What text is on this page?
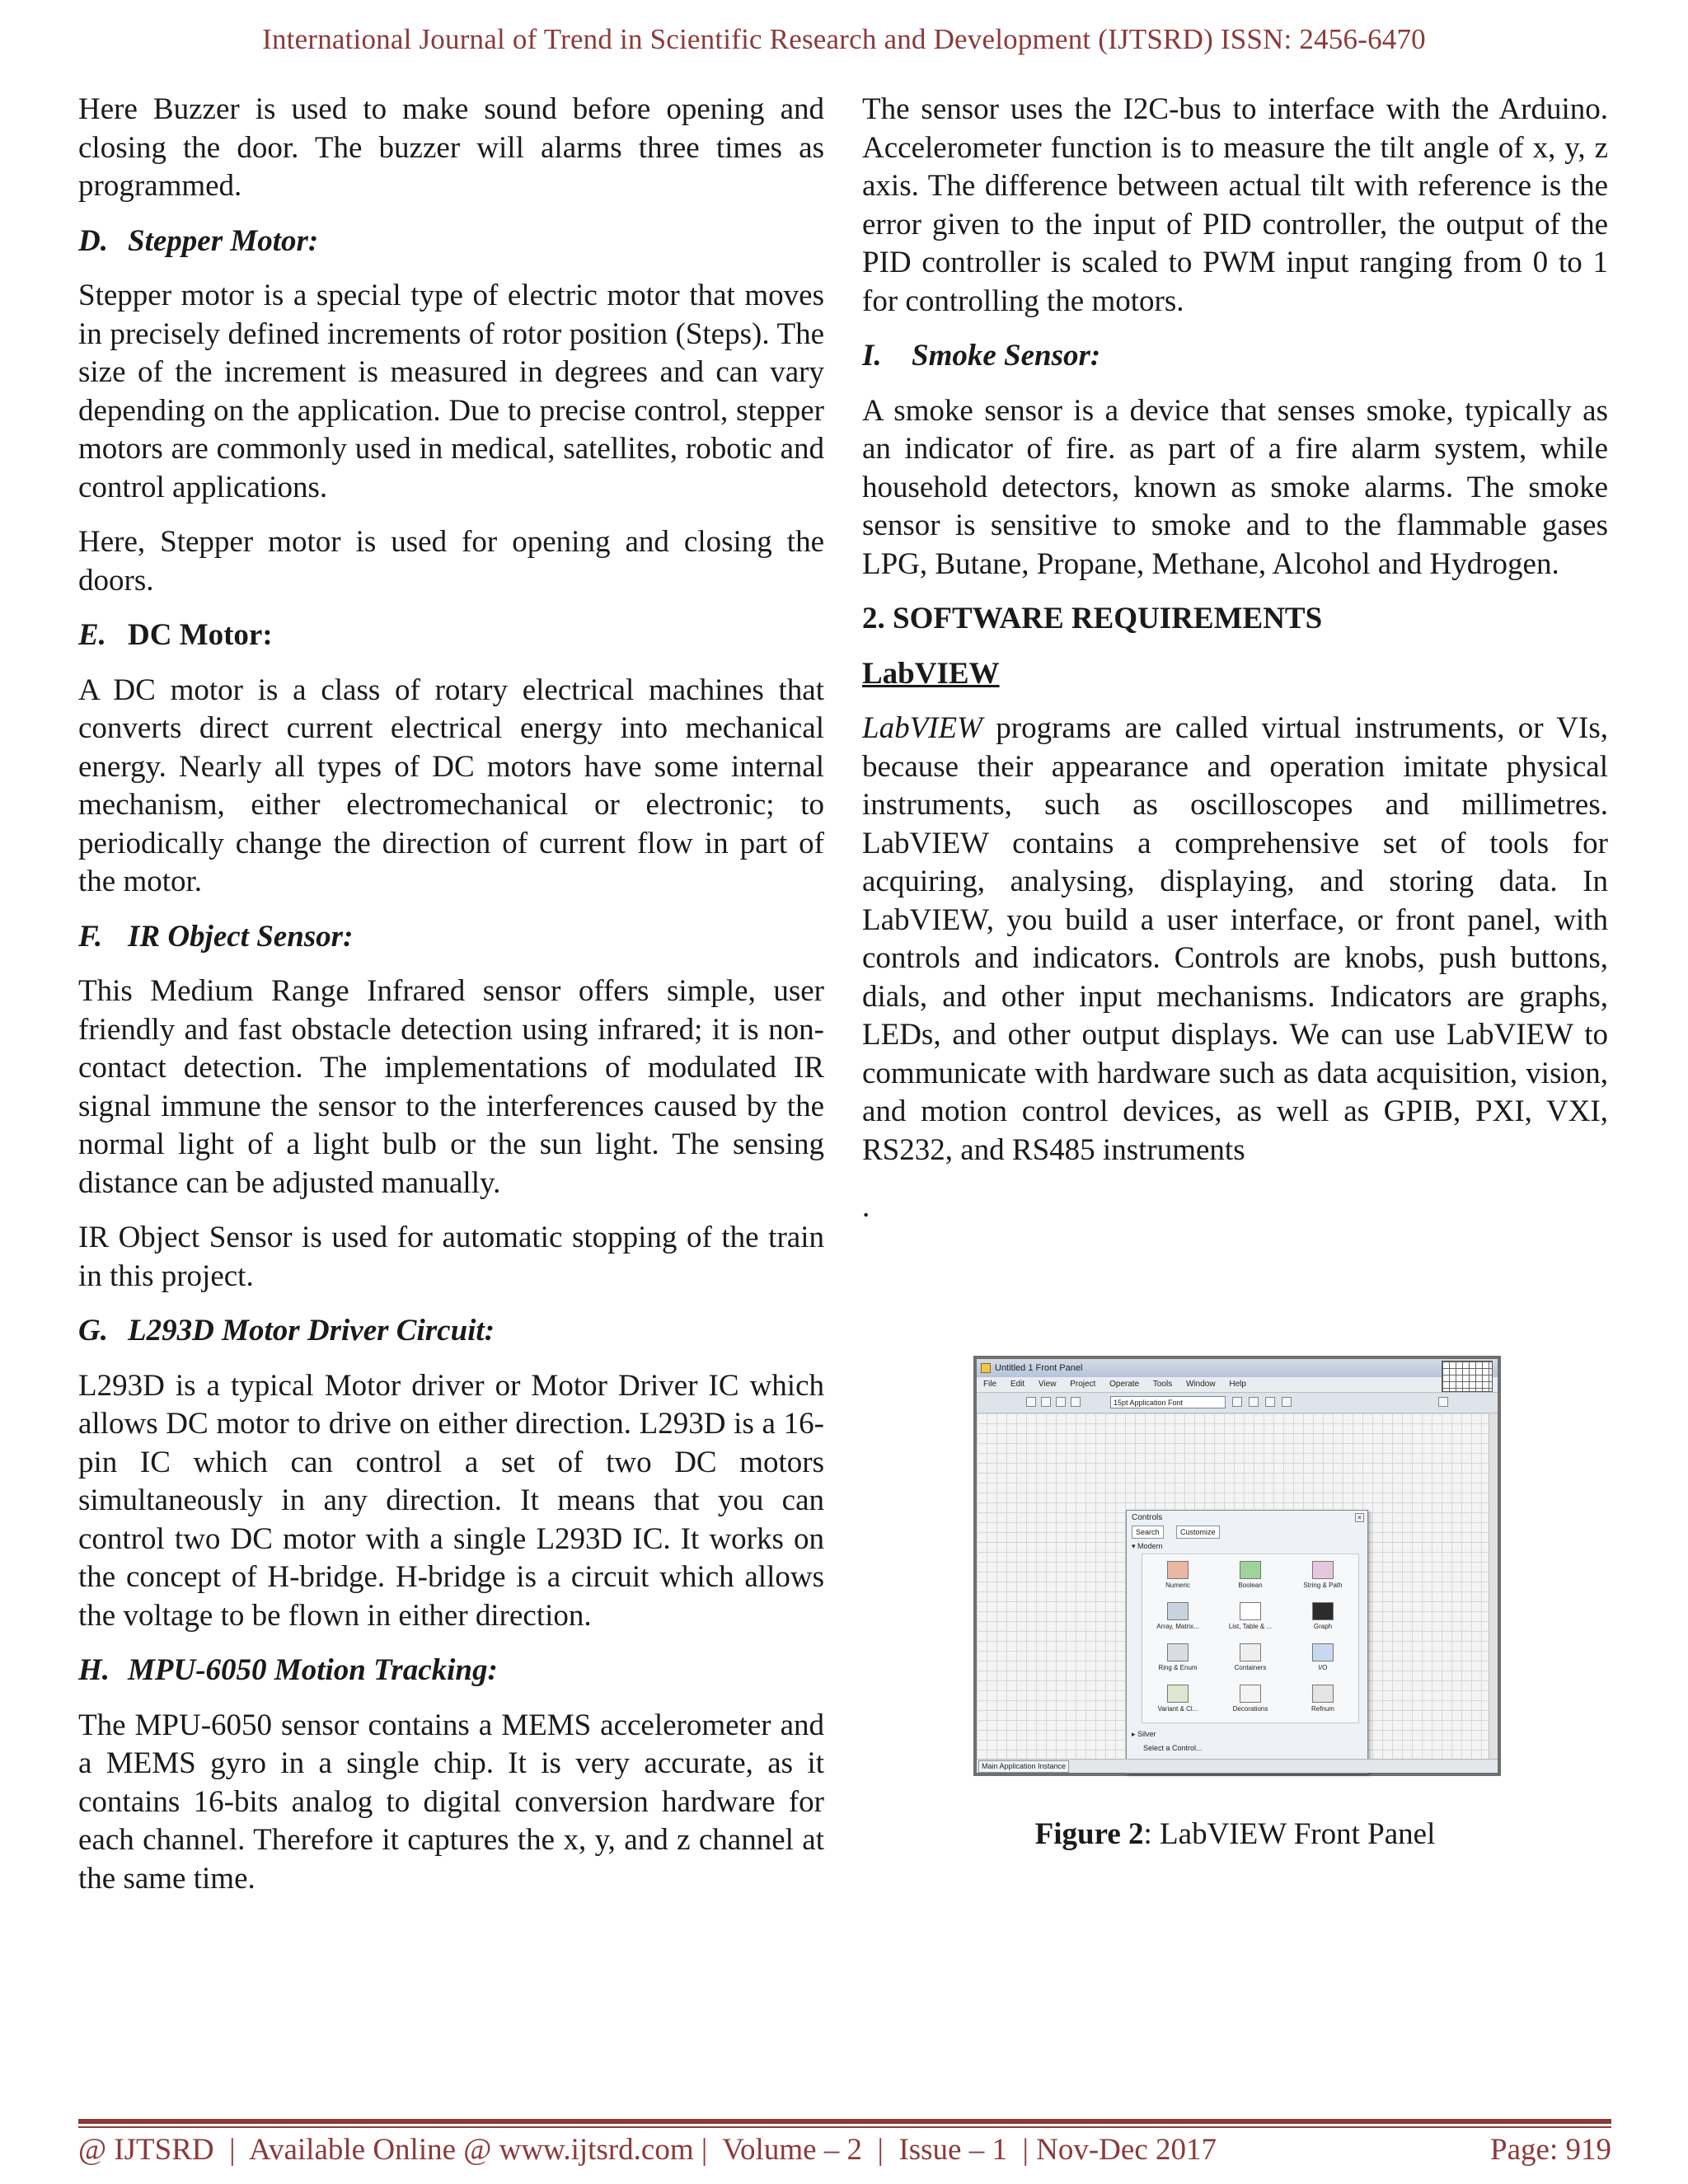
International Journal of Trend in Scientific Research and Development (IJTSRD) ISSN: 2456-6470

Here Buzzer is used to make sound before opening and closing the door. The buzzer will alarms three times as programmed.

D. Stepper Motor:

Stepper motor is a special type of electric motor that moves in precisely defined increments of rotor position (Steps). The size of the increment is measured in degrees and can vary depending on the application. Due to precise control, stepper motors are commonly used in medical, satellites, robotic and control applications.

Here, Stepper motor is used for opening and closing the doors.

E. DC Motor:

A DC motor is a class of rotary electrical machines that converts direct current electrical energy into mechanical energy. Nearly all types of DC motors have some internal mechanism, either electromechanical or electronic; to periodically change the direction of current flow in part of the motor.

F. IR Object Sensor:

This Medium Range Infrared sensor offers simple, user friendly and fast obstacle detection using infrared; it is non-contact detection. The implementations of modulated IR signal immune the sensor to the interferences caused by the normal light of a light bulb or the sun light. The sensing distance can be adjusted manually.

IR Object Sensor is used for automatic stopping of the train in this project.

G. L293D Motor Driver Circuit:

L293D is a typical Motor driver or Motor Driver IC which allows DC motor to drive on either direction. L293D is a 16-pin IC which can control a set of two DC motors simultaneously in any direction. It means that you can control two DC motor with a single L293D IC. It works on the concept of H-bridge. H-bridge is a circuit which allows the voltage to be flown in either direction.

H. MPU-6050 Motion Tracking:

The MPU-6050 sensor contains a MEMS accelerometer and a MEMS gyro in a single chip. It is very accurate, as it contains 16-bits analog to digital conversion hardware for each channel. Therefore it captures the x, y, and z channel at the same time.

The sensor uses the I2C-bus to interface with the Arduino. Accelerometer function is to measure the tilt angle of x, y, z axis. The difference between actual tilt with reference is the error given to the input of PID controller, the output of the PID controller is scaled to PWM input ranging from 0 to 1 for controlling the motors.

I. Smoke Sensor:

A smoke sensor is a device that senses smoke, typically as an indicator of fire. as part of a fire alarm system, while household detectors, known as smoke alarms. The smoke sensor is sensitive to smoke and to the flammable gases LPG, Butane, Propane, Methane, Alcohol and Hydrogen.

2. SOFTWARE REQUIREMENTS

LabVIEW

LabVIEW programs are called virtual instruments, or VIs, because their appearance and operation imitate physical instruments, such as oscilloscopes and millimetres. LabVIEW contains a comprehensive set of tools for acquiring, analysing, displaying, and storing data. In LabVIEW, you build a user interface, or front panel, with controls and indicators. Controls are knobs, push buttons, dials, and other input mechanisms. Indicators are graphs, LEDs, and other output displays. We can use LabVIEW to communicate with hardware such as data acquisition, vision, and motion control devices, as well as GPIB, PXI, VXI, RS232, and RS485 instruments

.

Untitled 1 Front Panel
File Edit View Project Operate Tools Window Help
15pt Application Font
Controls	×
Search	Customize
▾ Modern
Numeric	Boolean	String & Path
Array, Matrix...	List, Table & ...	Graph
Ring & Enum	Containers	I/O
Variant & Cl...	Decorations	Refnum
▸ Silver
Select a Control...
Main Application Instance
Figure 2: LabVIEW Front Panel
@ IJTSRD  |  Available Online @ www.ijtsrd.com |  Volume – 2  |  Issue – 1  | Nov-Dec 2017	Page: 919
